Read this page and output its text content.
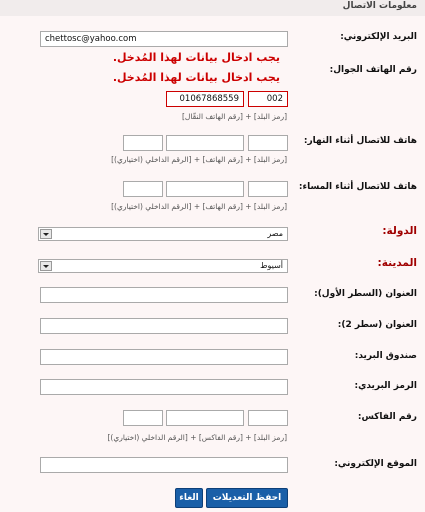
معلومات الاتصال
البريد الإلكتروني:
chettosc@yahoo.com
رقم الهاتف الجوال:
يجب ادخال بيانات لهذا المُدخل.
يجب ادخال بيانات لهذا المُدخل.
01067868559	002
[رمز البلد] + [رقم الهاتف النقّال]
هاتف للاتصال أثناء النهار:
[رمز البلد] + [رقم الهاتف] + [الرقم الداخلي (اختياري)]
هاتف للاتصال أثناء المساء:
[رمز البلد] + [رقم الهاتف] + [الرقم الداخلي (اختياري)]
الدولة:
مصر
المدينة:
أسيوط
العنوان (السطر الأول):
العنوان (سطر 2):
صندوق البريد:
الرمز البريدي:
رقم الفاكس:
[رمز البلد] + [رقم الفاكس] + [الرقم الداخلي (اختياري)]
الموقع الإلكتروني:
احفظ التعديلات
الغاء
